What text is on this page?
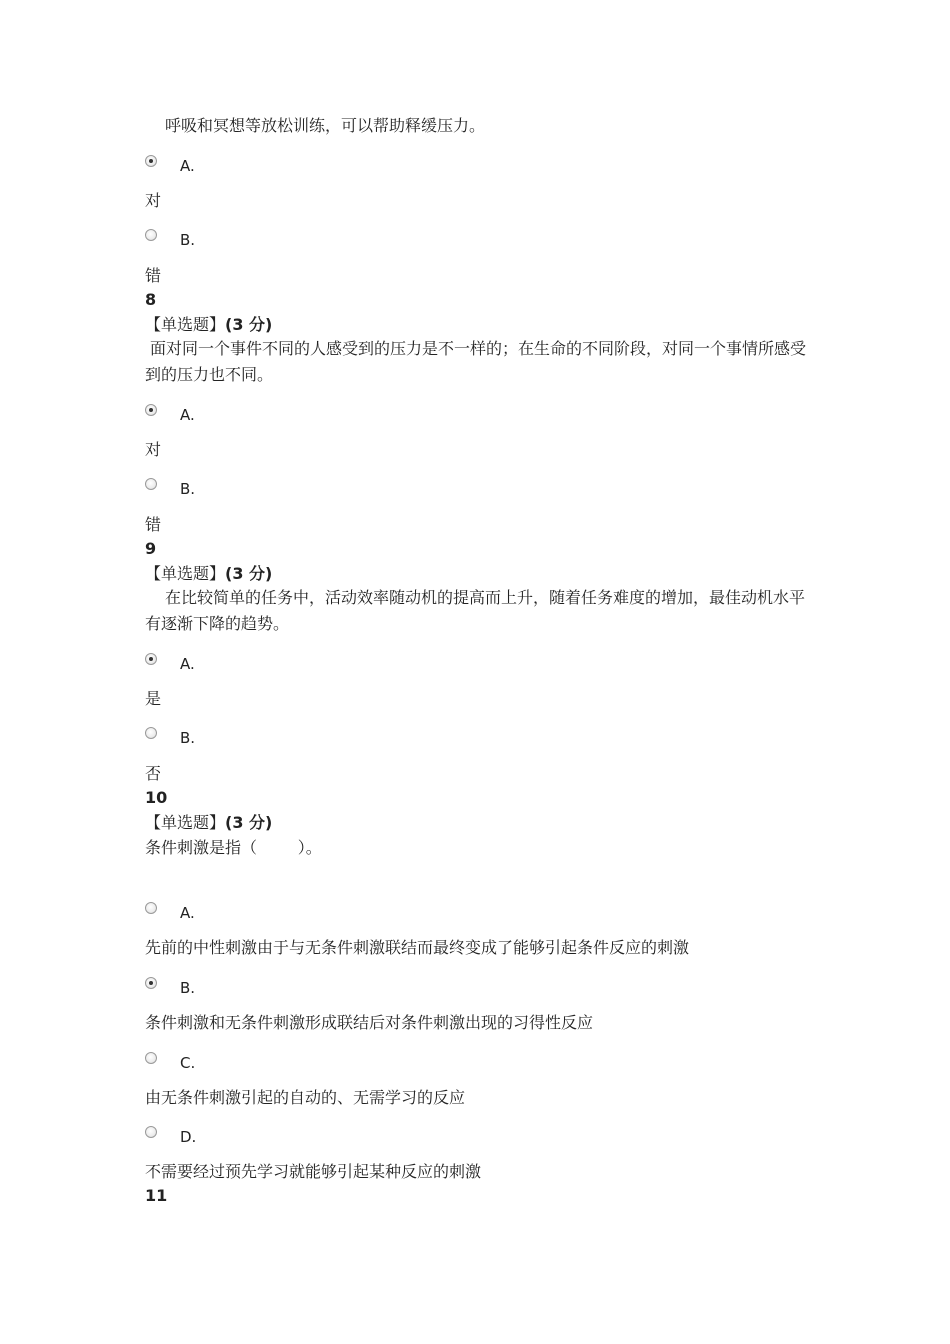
呼吸和冥想等放松训练，可以帮助释缓压力。
A.
对
B.
错
8
【单选题】(3 分)
面对同一个事件不同的人感受到的压力是不一样的；在生命的不同阶段，对同一个事情所感受到的压力也不同。
A.
对
B.
错
9
【单选题】(3 分)
在比较简单的任务中，活动效率随动机的提高而上升，随着任务难度的增加，最佳动机水平有逐渐下降的趋势。
A.
是
B.
否
10
【单选题】(3 分)
条件刺激是指（        ）。
A.
先前的中性刺激由于与无条件刺激联结而最终变成了能够引起条件反应的刺激
B.
条件刺激和无条件刺激形成联结后对条件刺激出现的习得性反应
C.
由无条件刺激引起的自动的、无需学习的反应
D.
不需要经过预先学习就能够引起某种反应的刺激
11
